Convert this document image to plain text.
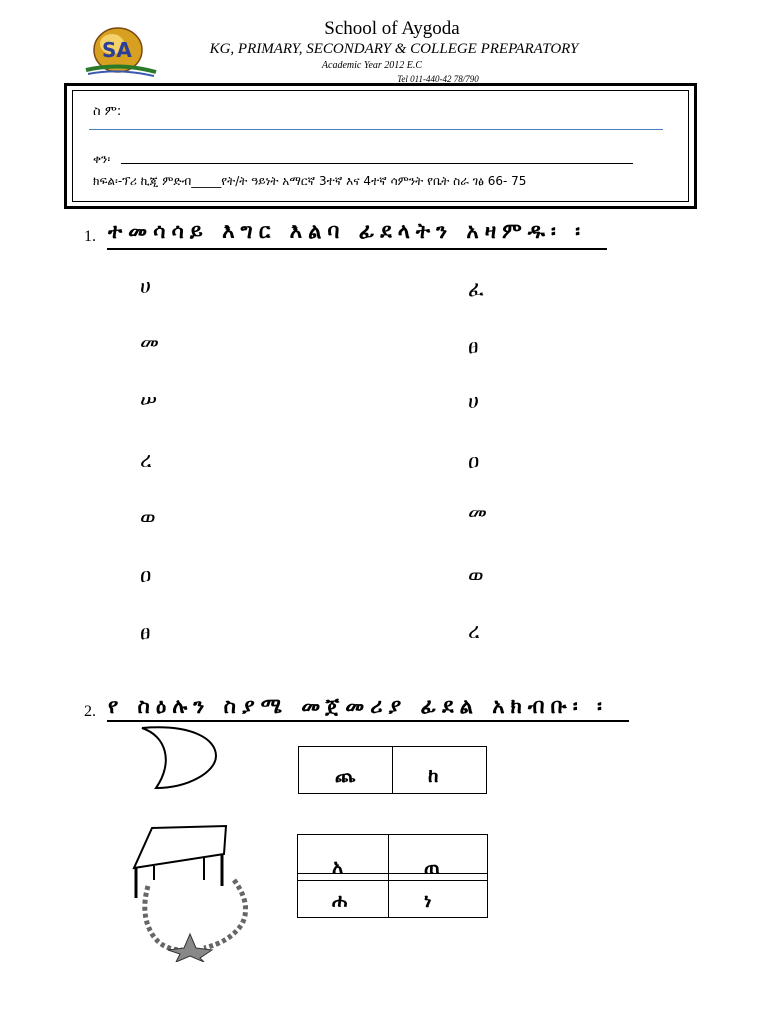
SA
School of Aygoda
KG, PRIMARY, SECONDARY & COLLEGE PREPARATORY
Academic Year 2012 E.C
Tel 011-440-42 78/790
ስ ም:
ቀን፡
ክፍል፡-ፕሪ ኪጂ ምድብ_____የት/ት ዓይነት አማርኛ 3ተኛ እና 4ተኛ ሳምንት የቤት ስራ ገፅ 66- 75
1. ተመሳሳይ እግር እልባ ፊደላትን አዛምዱ፡ ፡
ሀ
መ
ሠ
ረ
ወ
ዐ
ፀ
ፈ
ፀ
ሀ
ዐ
መ
ወ
ረ
2. የ ስዕሉን ስያሜ መጀመሪያ ፊደል አክብቡ፡ ፡
ጨ	ከ
አ	ጠ
ሐ	ነ
